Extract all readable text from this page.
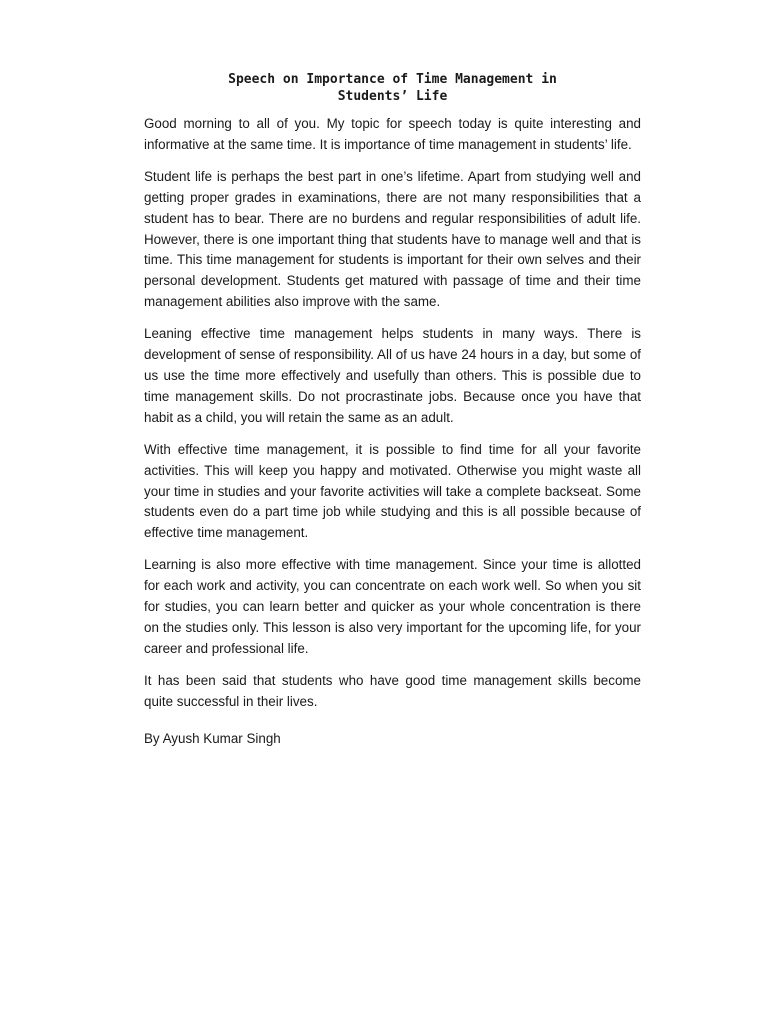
Speech on Importance of Time Management in
Students’ Life

Good morning to all of you. My topic for speech today is quite interesting and informative at the same time. It is importance of time management in students’ life.

Student life is perhaps the best part in one’s lifetime. Apart from studying well and getting proper grades in examinations, there are not many responsibilities that a student has to bear. There are no burdens and regular responsibilities of adult life. However, there is one important thing that students have to manage well and that is time. This time management for students is important for their own selves and their personal development. Students get matured with passage of time and their time management abilities also improve with the same.

Leaning effective time management helps students in many ways. There is development of sense of responsibility. All of us have 24 hours in a day, but some of us use the time more effectively and usefully than others. This is possible due to time management skills. Do not procrastinate jobs. Because once you have that habit as a child, you will retain the same as an adult.

With effective time management, it is possible to find time for all your favorite activities. This will keep you happy and motivated. Otherwise you might waste all your time in studies and your favorite activities will take a complete backseat. Some students even do a part time job while studying and this is all possible because of effective time management.

Learning is also more effective with time management. Since your time is allotted for each work and activity, you can concentrate on each work well. So when you sit for studies, you can learn better and quicker as your whole concentration is there on the studies only. This lesson is also very important for the upcoming life, for your career and professional life.

It has been said that students who have good time management skills become quite successful in their lives.

By Ayush Kumar Singh
